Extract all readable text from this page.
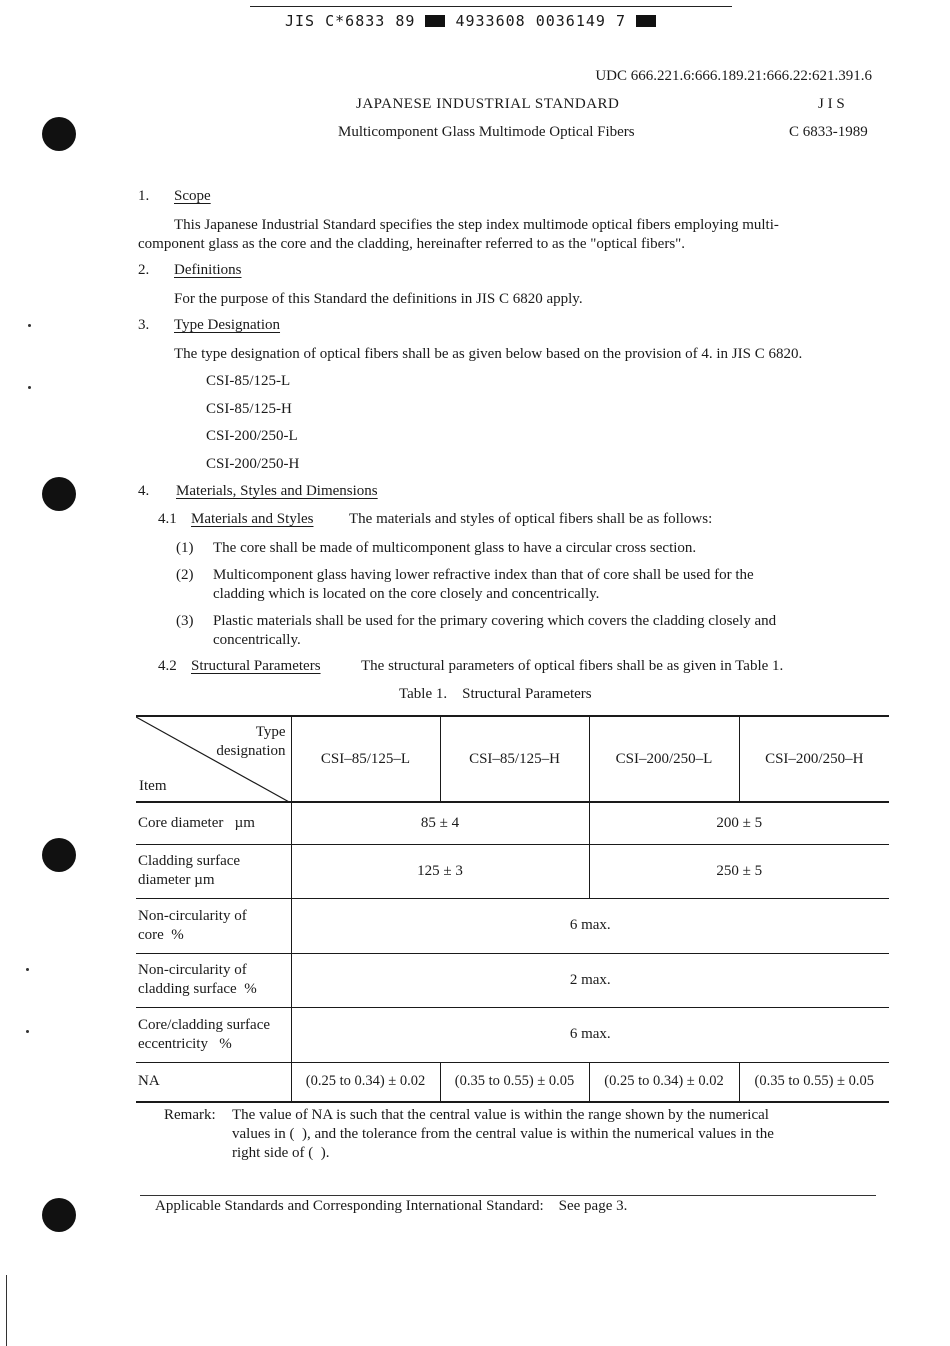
JIS C*6833 89	4933608 0036149 7
UDC 666.221.6:666.189.21:666.22:621.391.6
JAPANESE INDUSTRIAL STANDARD	J I S
Multicomponent Glass Multimode Optical Fibers	C 6833-1989
1. Scope
This Japanese Industrial Standard specifies the step index multimode optical fibers employing multi-
component glass as the core and the cladding, hereinafter referred to as the "optical fibers".
2. Definitions
For the purpose of this Standard the definitions in JIS C 6820 apply.
3. Type Designation
The type designation of optical fibers shall be as given below based on the provision of 4. in JIS C 6820.
CSI-85/125-L
CSI-85/125-H
CSI-200/250-L
CSI-200/250-H
4. Materials, Styles and Dimensions
4.1 Materials and Styles The materials and styles of optical fibers shall be as follows:
(1) The core shall be made of multicomponent glass to have a circular cross section.
(2) Multicomponent glass having lower refractive index than that of core shall be used for the
cladding which is located on the core closely and concentrically.
(3) Plastic materials shall be used for the primary covering which covers the cladding closely and
concentrically.
4.2 Structural Parameters	The structural parameters of optical fibers shall be as given in Table 1.
Table 1.    Structural Parameters
Type
designation
Item	CSI–85/125–L	CSI–85/125–H	CSI–200/250–L	CSI–200/250–H
Core diameter   µm	85 ± 4		200 ± 5	

Cladding surface
diameter µm	125 ± 3		250 ± 5	

Non-circularity of
core  %	6 max.			

Non-circularity of
cladding surface  %	2 max.			

Core/cladding surface
eccentricity   %	6 max.			
NA	(0.25 to 0.34) ± 0.02	(0.35 to 0.55) ± 0.05	(0.25 to 0.34) ± 0.02	(0.35 to 0.55) ± 0.05
Remark: The value of NA is such that the central value is within the range shown by the numerical
values in (  ), and the tolerance from the central value is within the numerical values in the
right side of (  ).
Applicable Standards and Corresponding International Standard:    See page 3.
